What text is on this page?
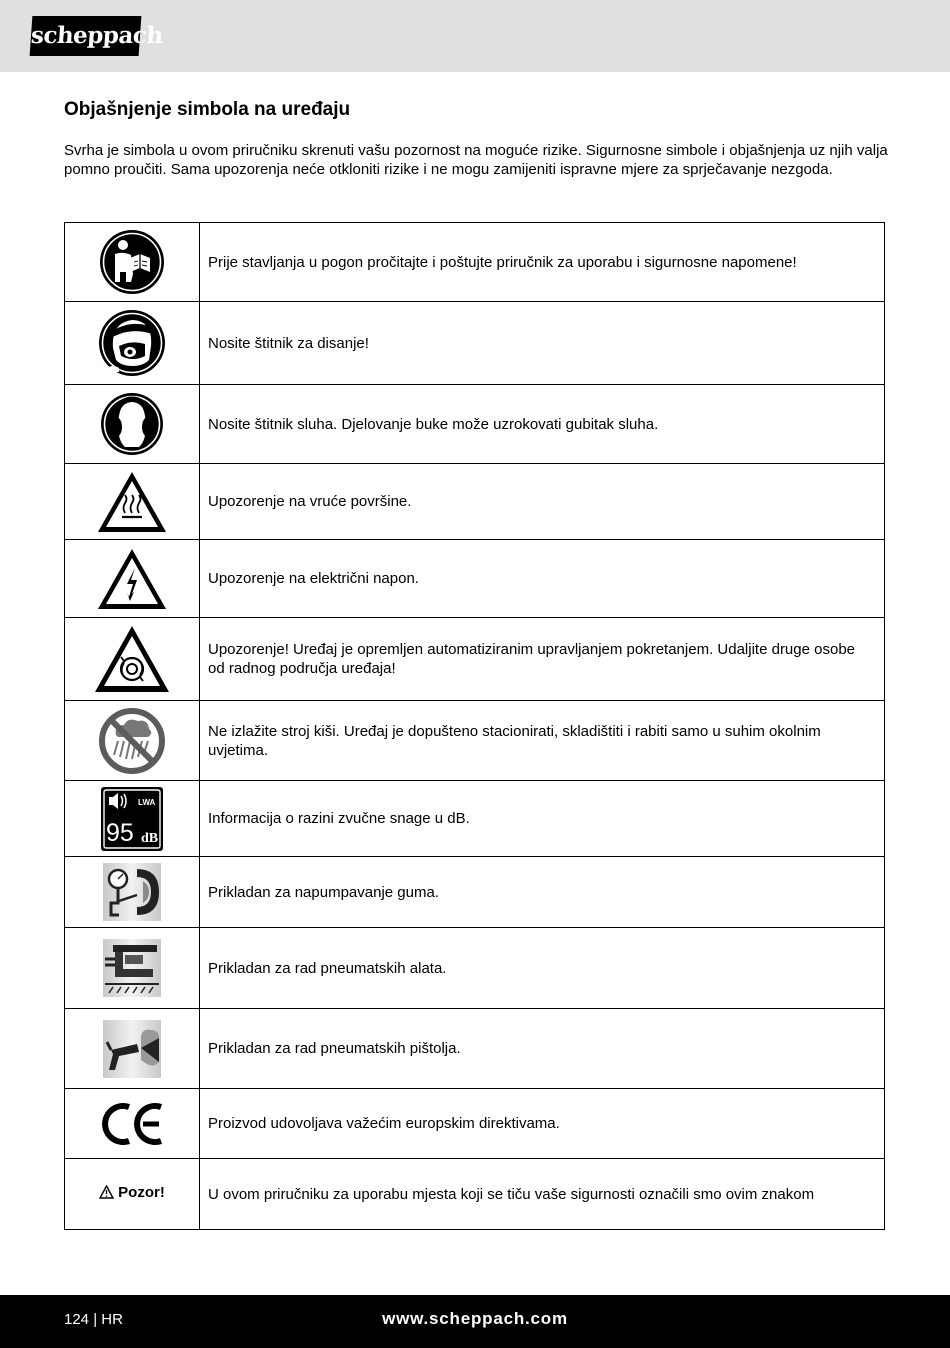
scheppach
Objašnjenje simbola na uređaju

Svrha je simbola u ovom priručniku skrenuti vašu pozornost na moguće rizike. Sigurnosne simbole i objašnjenja uz njih valja pomno proučiti. Sama upozorenja neće otkloniti rizike i ne mogu zamijeniti ispravne mjere za sprječavanje nezgoda.

	Prije stavljanja u pogon pročitajte i poštujte priručnik za uporabu i sigurnosne napomene!

	Nosite štitnik za disanje!

	Nosite štitnik sluha. Djelovanje buke može uzrokovati gubitak sluha.

	Upozorenje na vruće površine.

	Upozorenje na električni napon.

	Upozorenje! Uređaj je opremljen automatiziranim upravljanjem pokretanjem. Udaljite druge osobe od radnog područja uređaja!

	Ne izlažite stroj kiši. Uređaj je dopušteno stacionirati, skladištiti i rabiti samo u suhim okolnim uvjetima.

LWA
95 dB	Informacija o razini zvučne snage u dB.

	Prikladan za napumpavanje guma.

	Prikladan za rad pneumatskih alata.

	Prikladan za rad pneumatskih pištolja.

	Proizvod udovoljava važećim europskim direktivama.

Pozor!	U ovom priručniku za uporabu mjesta koji se tiču vaše sigurnosti označili smo ovim znakom
124 | HR	www.scheppach.com
